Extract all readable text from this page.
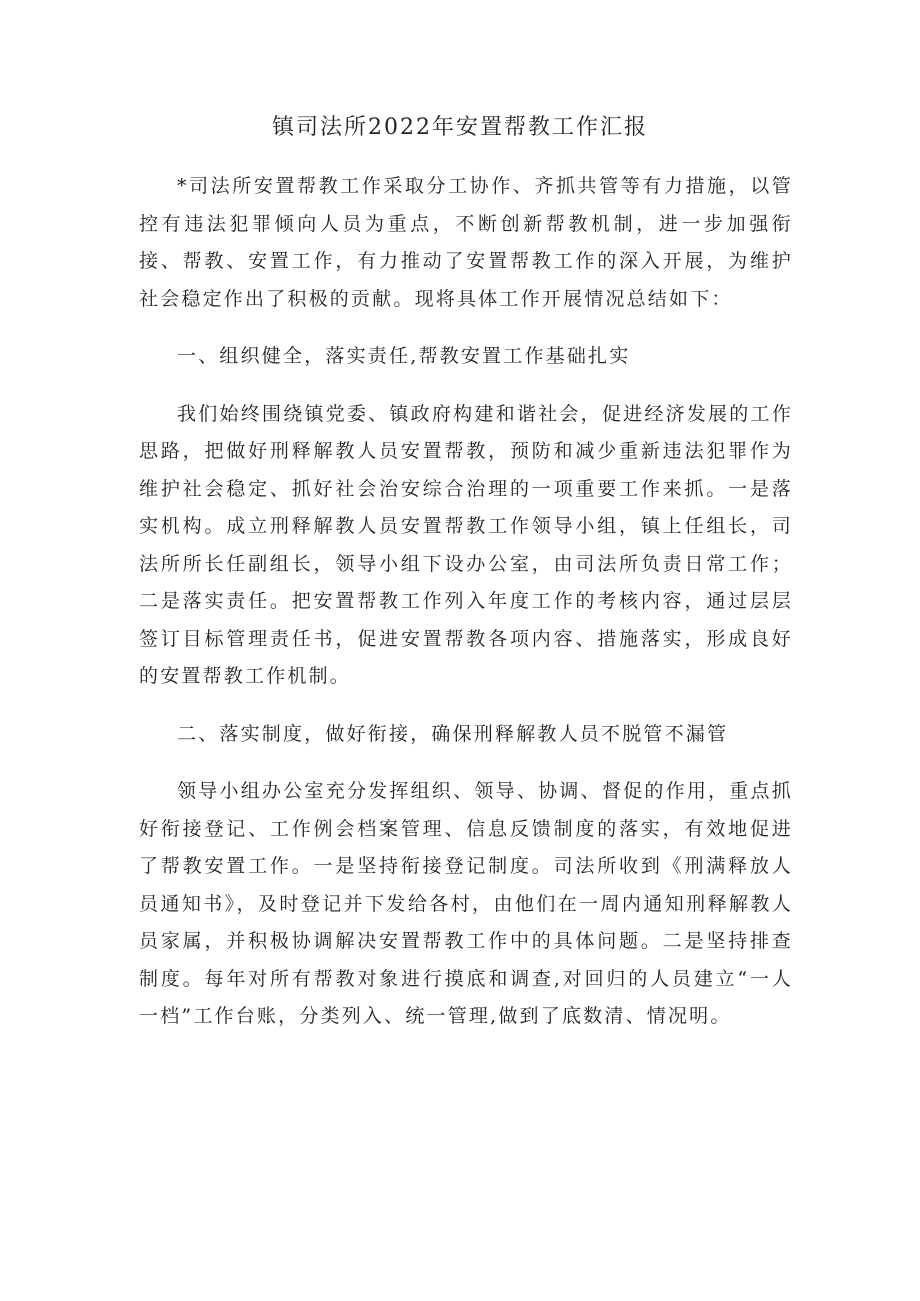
镇司法所2022年安置帮教工作汇报

*司法所安置帮教工作采取分工协作、齐抓共管等有力措施，以管控有违法犯罪倾向人员为重点，不断创新帮教机制，进一步加强衔接、帮教、安置工作，有力推动了安置帮教工作的深入开展，为维护社会稳定作出了积极的贡献。现将具体工作开展情况总结如下：

一、组织健全，落实责任,帮教安置工作基础扎实

我们始终围绕镇党委、镇政府构建和谐社会，促进经济发展的工作思路，把做好刑释解教人员安置帮教，预防和减少重新违法犯罪作为维护社会稳定、抓好社会治安综合治理的一项重要工作来抓。一是落实机构。成立刑释解教人员安置帮教工作领导小组，镇上任组长，司法所所长任副组长，领导小组下设办公室，由司法所负责日常工作；二是落实责任。把安置帮教工作列入年度工作的考核内容，通过层层签订目标管理责任书，促进安置帮教各项内容、措施落实，形成良好的安置帮教工作机制。

二、落实制度，做好衔接，确保刑释解教人员不脱管不漏管

领导小组办公室充分发挥组织、领导、协调、督促的作用，重点抓好衔接登记、工作例会档案管理、信息反馈制度的落实，有效地促进了帮教安置工作。一是坚持衔接登记制度。司法所收到《刑满释放人员通知书》，及时登记并下发给各村，由他们在一周内通知刑释解教人员家属，并积极协调解决安置帮教工作中的具体问题。二是坚持排查制度。每年对所有帮教对象进行摸底和调查,对回归的人员建立“一人一档”工作台账，分类列入、统一管理,做到了底数清、情况明。
